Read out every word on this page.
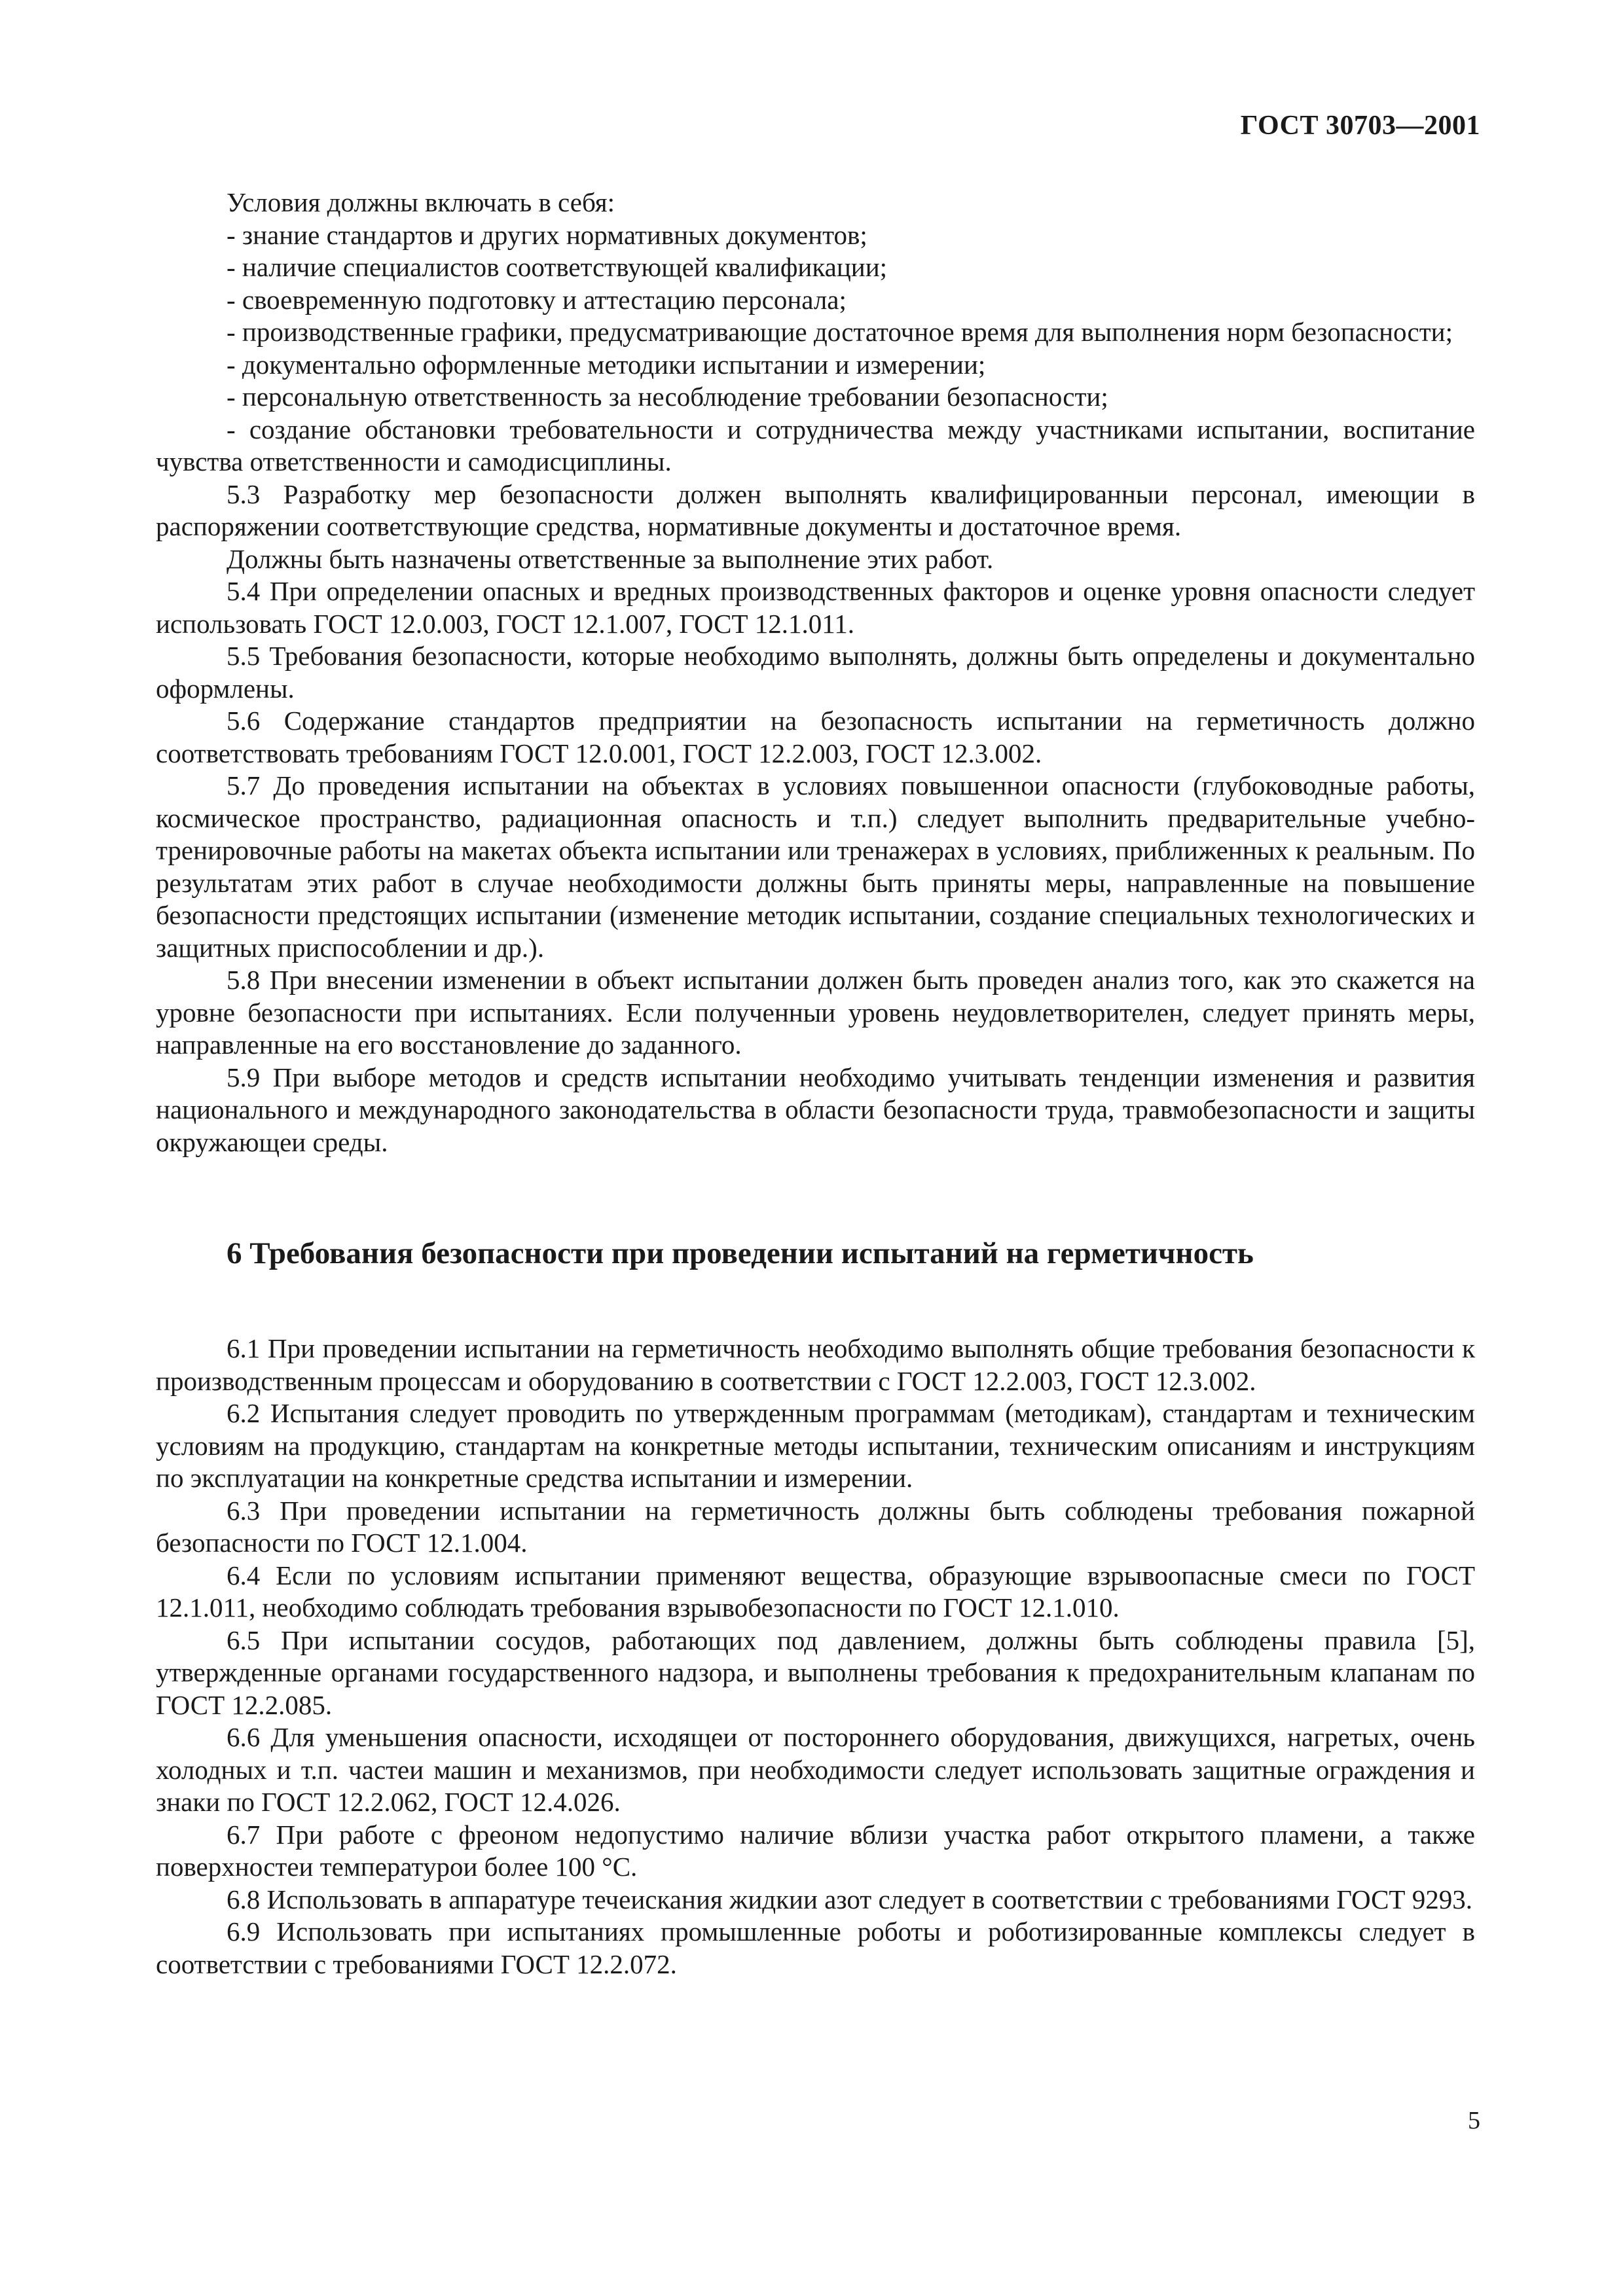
ГОСТ 30703—2001

Условия должны включать в себя:

- знание стандартов и других нормативных документов;

- наличие специалистов соответствующей квалификации;

- своевременную подготовку и аттестацию персонала;

- производственные графики, предусматривающие достаточное время для выполнения норм безопасности;

- документально оформленные методики испытании и измерении;

- персональную ответственность за несоблюдение требовании безопасности;

- создание обстановки требовательности и сотрудничества между участниками испытании, воспитание чувства ответственности и самодисциплины.

5.3 Разработку мер безопасности должен выполнять квалифицированныи персонал, имеющии в распоряжении соответствующие средства, нормативные документы и достаточное время.

Должны быть назначены ответственные за выполнение этих работ.

5.4 При определении опасных и вредных производственных факторов и оценке уровня опасности следует использовать ГОСТ 12.0.003, ГОСТ 12.1.007, ГОСТ 12.1.011.

5.5 Требования безопасности, которые необходимо выполнять, должны быть определены и документально оформлены.

5.6 Содержание стандартов предприятии на безопасность испытании на герметичность должно соответствовать требованиям ГОСТ 12.0.001, ГОСТ 12.2.003, ГОСТ 12.3.002.

5.7 До проведения испытании на объектах в условиях повышеннои опасности (глубоководные работы, космическое пространство, радиационная опасность и т.п.) следует выполнить предварительные учебно-тренировочные работы на макетах объекта испытании или тренажерах в условиях, приближенных к реальным. По результатам этих работ в случае необходимости должны быть приняты меры, направленные на повышение безопасности предстоящих испытании (изменение методик испытании, создание специальных технологических и защитных приспособлении и др.).

5.8 При внесении изменении в объект испытании должен быть проведен анализ того, как это скажется на уровне безопасности при испытаниях. Если полученныи уровень неудовлетворителен, следует принять меры, направленные на его восстановление до заданного.

5.9 При выборе методов и средств испытании необходимо учитывать тенденции изменения и развития национального и международного законодательства в области безопасности труда, травмобезопасности и защиты окружающеи среды.

6 Требования безопасности при проведении испытаний на герметичность

6.1 При проведении испытании на герметичность необходимо выполнять общие требования безопасности к производственным процессам и оборудованию в соответствии с ГОСТ 12.2.003, ГОСТ 12.3.002.

6.2 Испытания следует проводить по утвержденным программам (методикам), стандартам и техническим условиям на продукцию, стандартам на конкретные методы испытании, техническим описаниям и инструкциям по эксплуатации на конкретные средства испытании и измерении.

6.3 При проведении испытании на герметичность должны быть соблюдены требования пожарной безопасности по ГОСТ 12.1.004.

6.4 Если по условиям испытании применяют вещества, образующие взрывоопасные смеси по ГОСТ 12.1.011, необходимо соблюдать требования взрывобезопасности по ГОСТ 12.1.010.

6.5 При испытании сосудов, работающих под давлением, должны быть соблюдены правила [5], утвержденные органами государственного надзора, и выполнены требования к предохранительным клапанам по ГОСТ 12.2.085.

6.6 Для уменьшения опасности, исходящеи от постороннего оборудования, движущихся, нагретых, очень холодных и т.п. частеи машин и механизмов, при необходимости следует использовать защитные ограждения и знаки по ГОСТ 12.2.062, ГОСТ 12.4.026.

6.7 При работе с фреоном недопустимо наличие вблизи участка работ открытого пламени, а также поверхностеи температурои более 100 °С.

6.8 Использовать в аппаратуре течеискания жидкии азот следует в соответствии с требованиями ГОСТ 9293.

6.9 Использовать при испытаниях промышленные роботы и роботизированные комплексы следует в соответствии с требованиями ГОСТ 12.2.072.

5
